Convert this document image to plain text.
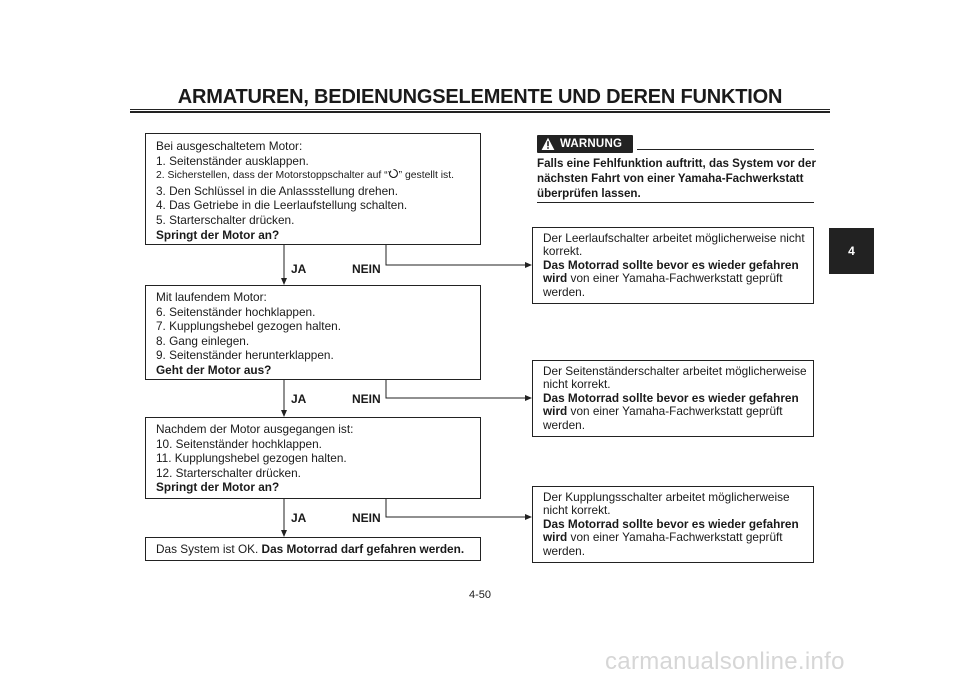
ARMATUREN, BEDIENUNGSELEMENTE UND DEREN FUNKTION
4
Bei ausgeschaltetem Motor:
1. Seitenständer ausklappen.
2. Sicherstellen, dass der Motorstoppschalter auf “ ” gestellt ist.
3. Den Schlüssel in die Anlassstellung drehen.
4. Das Getriebe in die Leerlaufstellung schalten.
5. Starterschalter drücken.
Springt der Motor an?
JA	NEIN
Mit laufendem Motor:
6. Seitenständer hochklappen.
7. Kupplungshebel gezogen halten.
8. Gang einlegen.
9. Seitenständer herunterklappen.
Geht der Motor aus?
JA	NEIN
Nachdem der Motor ausgegangen ist:
10. Seitenständer hochklappen.
11. Kupplungshebel gezogen halten.
12. Starterschalter drücken.
Springt der Motor an?
JA	NEIN
Das System ist OK. Das Motorrad darf gefahren werden.
WARNUNG
Falls eine Fehlfunktion auftritt, das System vor der
nächsten Fahrt von einer Yamaha-Fachwerkstatt
überprüfen lassen.
Der Leerlaufschalter arbeitet möglicherweise nicht
korrekt.
Das Motorrad sollte bevor es wieder gefahren
wird von einer Yamaha-Fachwerkstatt geprüft
werden.
Der Seitenständerschalter arbeitet möglicherweise
nicht korrekt.
Das Motorrad sollte bevor es wieder gefahren
wird von einer Yamaha-Fachwerkstatt geprüft
werden.
Der Kupplungsschalter arbeitet möglicherweise
nicht korrekt.
Das Motorrad sollte bevor es wieder gefahren
wird von einer Yamaha-Fachwerkstatt geprüft
werden.
4-50
carmanualsonline.info
